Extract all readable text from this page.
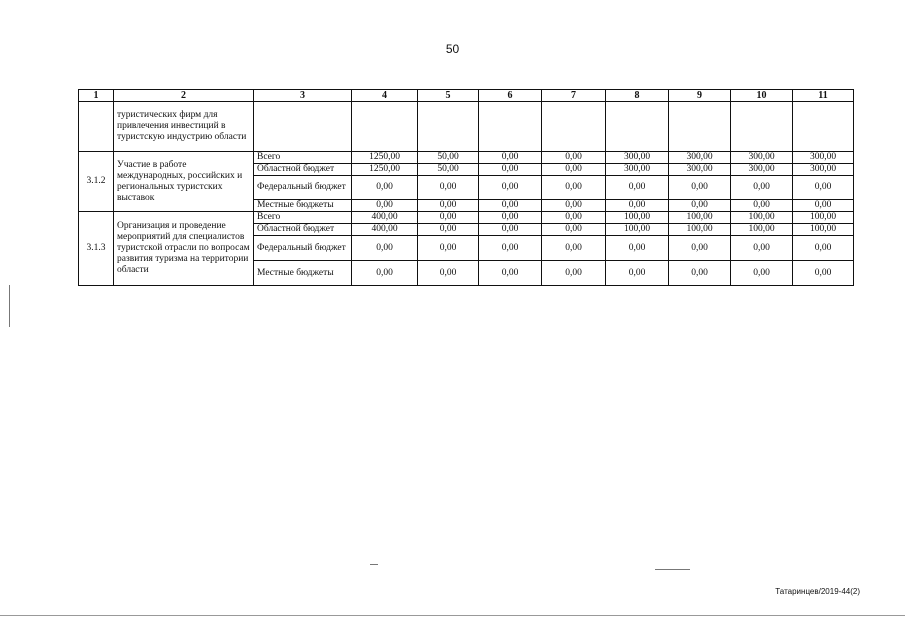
50
1	2	3	4	5	6	7	8	9	10	11
	туристических фирм для привлечения инвестиций в туристскую индустрию области									
3.1.2	Участие в работе международных, российских и региональных туристских выставок	Всего	1250,00	50,00	0,00	0,00	300,00	300,00	300,00	300,00
		Областной бюджет	1250,00	50,00	0,00	0,00	300,00	300,00	300,00	300,00
		Федеральный бюджет	0,00	0,00	0,00	0,00	0,00	0,00	0,00	0,00
		Местные бюджеты	0,00	0,00	0,00	0,00	0,00	0,00	0,00	0,00
3.1.3	Организация и проведение мероприятий для специалистов туристской отрасли по вопросам развития туризма на территории области	Всего	400,00	0,00	0,00	0,00	100,00	100,00	100,00	100,00
		Областной бюджет	400,00	0,00	0,00	0,00	100,00	100,00	100,00	100,00
		Федеральный бюджет	0,00	0,00	0,00	0,00	0,00	0,00	0,00	0,00
		Местные бюджеты	0,00	0,00	0,00	0,00	0,00	0,00	0,00	0,00
Татаринцев/2019-44(2)
